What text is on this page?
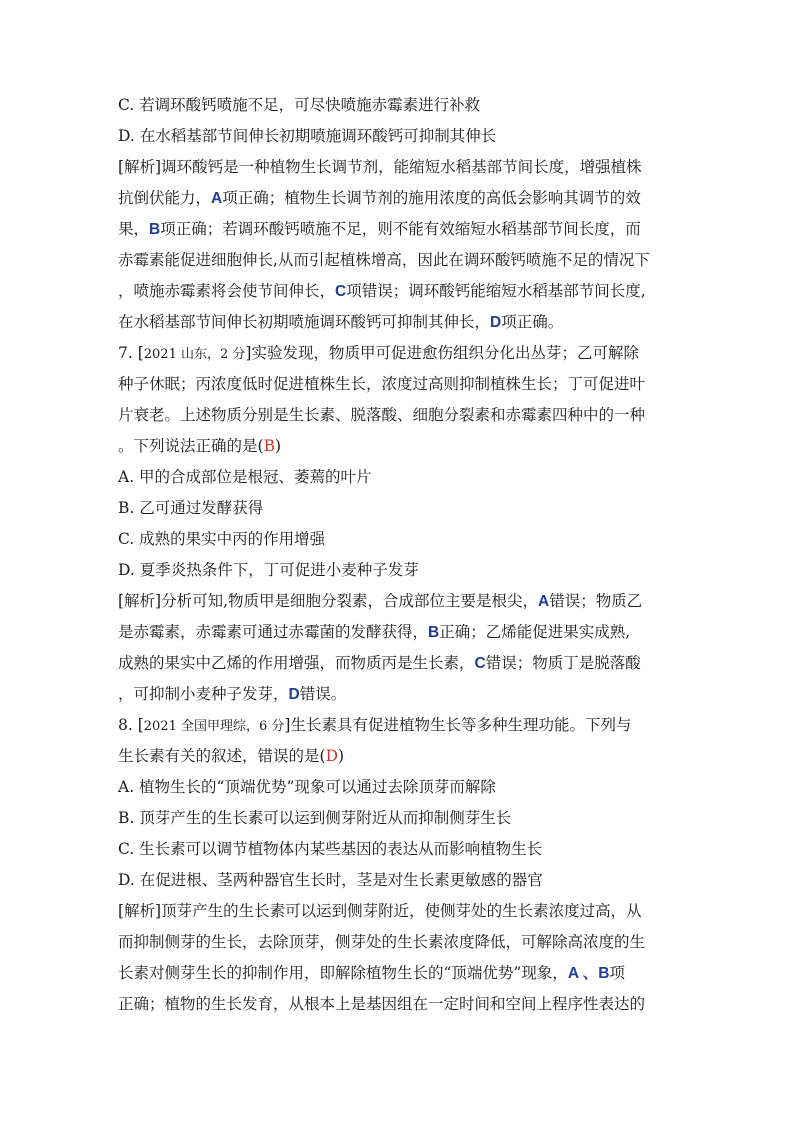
C. 若调环酸钙喷施不足，可尽快喷施赤霉素进行补救
D. 在水稻基部节间伸长初期喷施调环酸钙可抑制其伸长
[解析]调环酸钙是一种植物生长调节剂，能缩短水稻基部节间长度，增强植株
抗倒伏能力，A项正确；植物生长调节剂的施用浓度的高低会影响其调节的效
果，B项正确；若调环酸钙喷施不足，则不能有效缩短水稻基部节间长度，而
赤霉素能促进细胞伸长,从而引起植株增高，因此在调环酸钙喷施不足的情况下
，喷施赤霉素将会使节间伸长，C项错误；调环酸钙能缩短水稻基部节间长度,
在水稻基部节间伸长初期喷施调环酸钙可抑制其伸长，D项正确。
7. [2021 山东，2 分]实验发现，物质甲可促进愈伤组织分化出丛芽；乙可解除
种子休眠；丙浓度低时促进植株生长，浓度过高则抑制植株生长；丁可促进叶
片衰老。上述物质分别是生长素、脱落酸、细胞分裂素和赤霉素四种中的一种
。下列说法正确的是(B)
A. 甲的合成部位是根冠、萎蔫的叶片
B. 乙可通过发酵获得
C. 成熟的果实中丙的作用增强
D. 夏季炎热条件下，丁可促进小麦种子发芽
[解析]分析可知,物质甲是细胞分裂素，合成部位主要是根尖，A错误；物质乙
是赤霉素，赤霉素可通过赤霉菌的发酵获得，B正确；乙烯能促进果实成熟,
成熟的果实中乙烯的作用增强，而物质丙是生长素，C错误；物质丁是脱落酸
，可抑制小麦种子发芽，D错误。
8. [2021 全国甲理综，6 分]生长素具有促进植物生长等多种生理功能。下列与
生长素有关的叙述，错误的是(D)
A. 植物生长的“顶端优势”现象可以通过去除顶芽而解除
B. 顶芽产生的生长素可以运到侧芽附近从而抑制侧芽生长
C. 生长素可以调节植物体内某些基因的表达从而影响植物生长
D. 在促进根、茎两种器官生长时，茎是对生长素更敏感的器官
[解析]顶芽产生的生长素可以运到侧芽附近，使侧芽处的生长素浓度过高，从
而抑制侧芽的生长，去除顶芽，侧芽处的生长素浓度降低，可解除高浓度的生
长素对侧芽生长的抑制作用，即解除植物生长的“顶端优势”现象，A 、B项
正确；植物的生长发育，从根本上是基因组在一定时间和空间上程序性表达的
